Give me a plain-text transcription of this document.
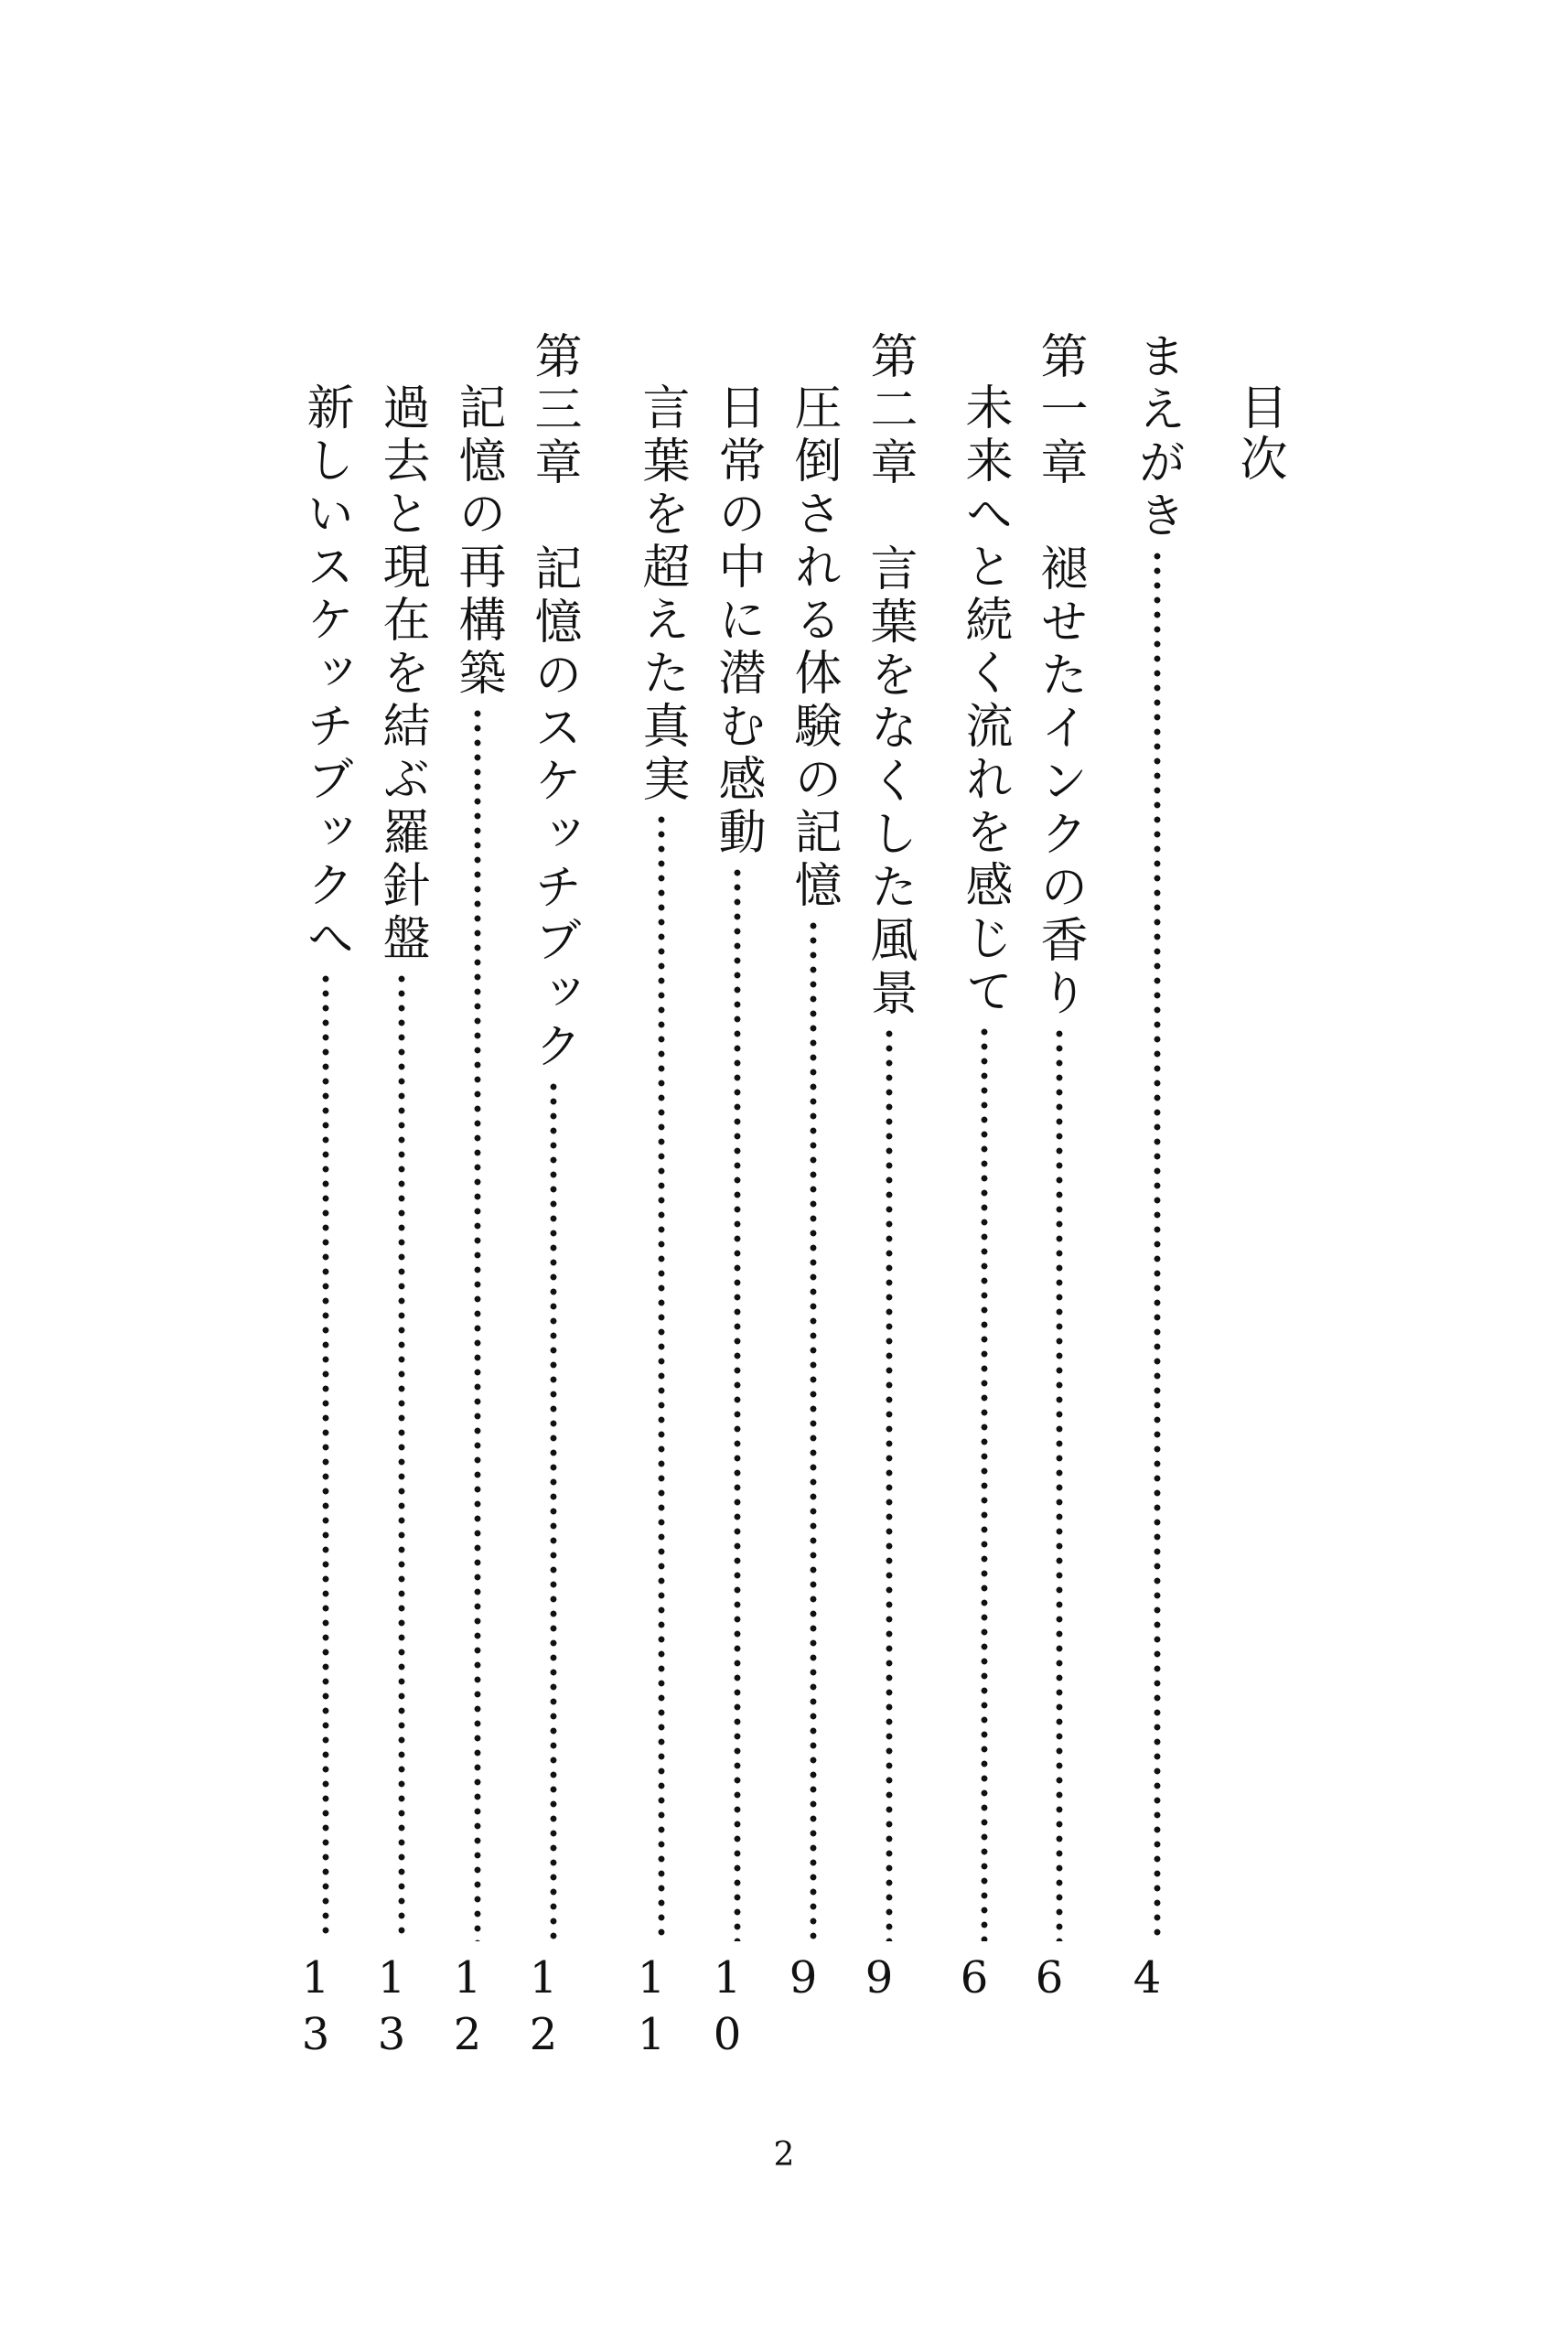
目次
まえがき
4
第一章　褪せたインクの香り
6
未来へと続く流れを感じて
6
第二章　言葉をなくした風景
9
圧倒される体験の記憶
9
日常の中に潜む感動
10
言葉を超えた真実
11
第三章　記憶のスケッチブック
12
記憶の再構築
12
過去と現在を結ぶ羅針盤
13
新しいスケッチブックへ
13
2
